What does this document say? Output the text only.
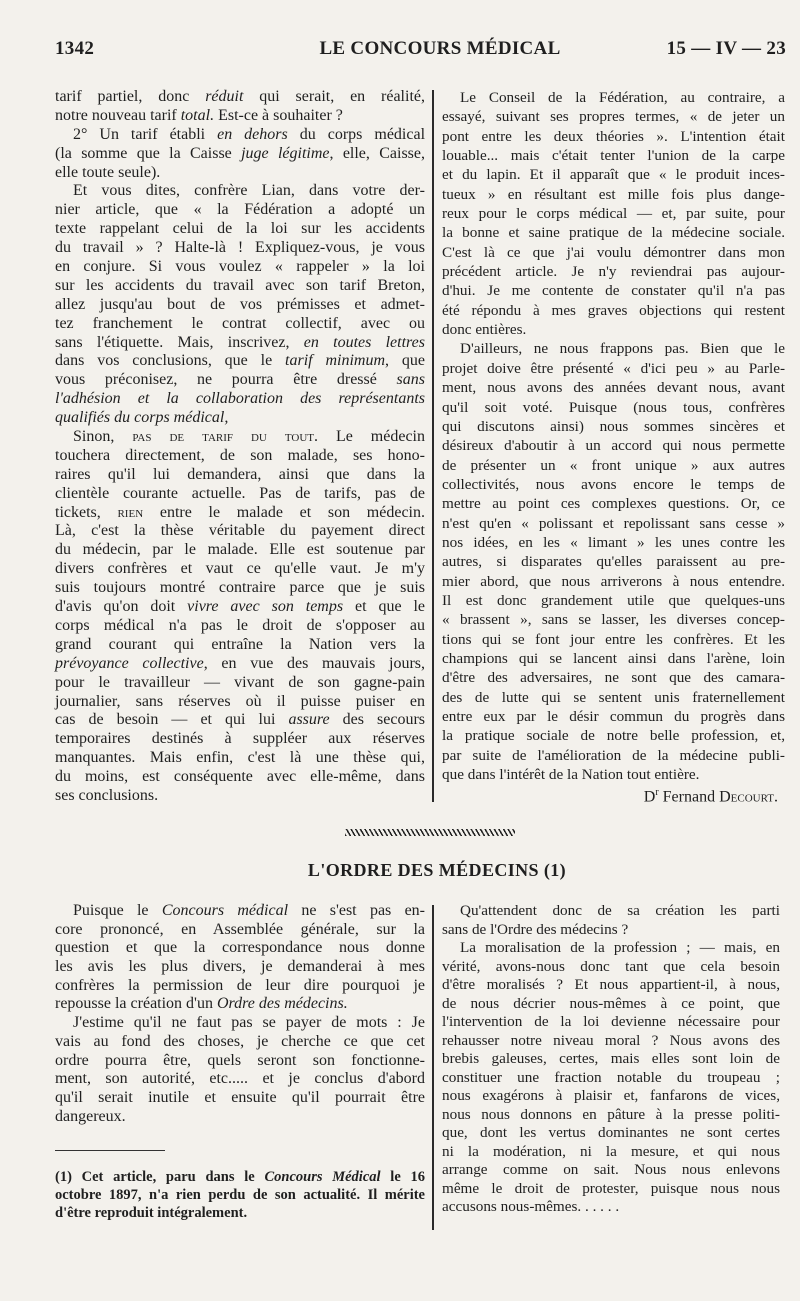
1342	LE CONCOURS MÉDICAL	15 — IV — 23
tarif partiel, donc réduit qui serait, en réalité,
notre nouveau tarif total. Est-ce à souhaiter ?
2° Un tarif établi en dehors du corps médical
(la somme que la Caisse juge légitime, elle, Caisse,
elle toute seule).
Et vous dites, confrère Lian, dans votre der-
nier article, que « la Fédération a adopté un
texte rappelant celui de la loi sur les accidents
du travail » ? Halte-là ! Expliquez-vous, je vous
en conjure. Si vous voulez « rappeler » la loi
sur les accidents du travail avec son tarif Breton,
allez jusqu'au bout de vos prémisses et admet-
tez franchement le contrat collectif, avec ou
sans l'étiquette. Mais, inscrivez, en toutes lettres
dans vos conclusions, que le tarif minimum, que
vous préconisez, ne pourra être dressé sans
l'adhésion et la collaboration des représentants
qualifiés du corps médical,
Sinon, pas de tarif du tout. Le médecin
touchera directement, de son malade, ses hono-
raires qu'il lui demandera, ainsi que dans la
clientèle courante actuelle. Pas de tarifs, pas de
tickets, rien entre le malade et son médecin.
Là, c'est la thèse véritable du payement direct
du médecin, par le malade. Elle est soutenue par
divers confrères et vaut ce qu'elle vaut. Je m'y
suis toujours montré contraire parce que je suis
d'avis qu'on doit vivre avec son temps et que le
corps médical n'a pas le droit de s'opposer au
grand courant qui entraîne la Nation vers la
prévoyance collective, en vue des mauvais jours,
pour le travailleur — vivant de son gagne-pain
journalier, sans réserves où il puisse puiser en
cas de besoin — et qui lui assure des secours
temporaires destinés à suppléer aux réserves
manquantes. Mais enfin, c'est là une thèse qui,
du moins, est conséquente avec elle-même, dans
ses conclusions.
Le Conseil de la Fédération, au contraire, a
essayé, suivant ses propres termes, « de jeter un
pont entre les deux théories ». L'intention était
louable... mais c'était tenter l'union de la carpe
et du lapin. Et il apparaît que « le produit inces-
tueux » en résultant est mille fois plus dange-
reux pour le corps médical — et, par suite, pour
la bonne et saine pratique de la médecine sociale.
C'est là ce que j'ai voulu démontrer dans mon
précédent article. Je n'y reviendrai pas aujour-
d'hui. Je me contente de constater qu'il n'a pas
été répondu à mes graves objections qui restent
donc entières.
D'ailleurs, ne nous frappons pas. Bien que le
projet doive être présenté « d'ici peu » au Parle-
ment, nous avons des années devant nous, avant
qu'il soit voté. Puisque (nous tous, confrères
qui discutons ainsi) nous sommes sincères et
désireux d'aboutir à un accord qui nous permette
de présenter un « front unique » aux autres
collectivités, nous avons encore le temps de
mettre au point ces complexes questions. Or, ce
n'est qu'en « polissant et repolissant sans cesse »
nos idées, en les « limant » les unes contre les
autres, si disparates qu'elles paraissent au pre-
mier abord, que nous arriverons à nous entendre.
Il est donc grandement utile que quelques-uns
« brassent », sans se lasser, les diverses concep-
tions qui se font jour entre les confrères. Et les
champions qui se lancent ainsi dans l'arène, loin
d'être des adversaires, ne sont que des camara-
des de lutte qui se sentent unis fraternellement
entre eux par le désir commun du progrès dans
la pratique sociale de notre belle profession, et,
par suite de l'amélioration de la médecine publi-
que dans l'intérêt de la Nation tout entière.
$D^r$ Fernand Decourt.
L'ORDRE DES MÉDECINS (1)
Puisque le Concours médical ne s'est pas en-
core prononcé, en Assemblée générale, sur la
question et que la correspondance nous donne
les avis les plus divers, je demanderai à mes
confrères la permission de leur dire pourquoi je
repousse la création d'un Ordre des médecins.
J'estime qu'il ne faut pas se payer de mots : Je
vais au fond des choses, je cherche ce que cet
ordre pourra être, quels seront son fonctionne-
ment, son autorité, etc..... et je conclus d'abord
qu'il serait inutile et ensuite qu'il pourrait être
dangereux.
Qu'attendent donc de sa création les parti
sans de l'Ordre des médecins ?
La moralisation de la profession ; — mais, en
vérité, avons-nous donc tant que cela besoin
d'être moralisés ? Et nous appartient-il, à nous,
de nous décrier nous-mêmes à ce point, que
l'intervention de la loi devienne nécessaire pour
rehausser notre niveau moral ? Nous avons des
brebis galeuses, certes, mais elles sont loin de
constituer une fraction notable du troupeau ;
nous exagérons à plaisir et, fanfarons de vices,
nous nous donnons en pâture à la presse politi-
que, dont les vertus dominantes ne sont certes
ni la modération, ni la mesure, et qui nous
arrange comme on sait. Nous nous enlevons
même le droit de protester, puisque nous nous
accusons nous-mêmes. . . . . .
(1) Cet article, paru dans le Concours Médical le 16
octobre 1897, n'a rien perdu de son actualité. Il mérite
d'être reproduit intégralement.
